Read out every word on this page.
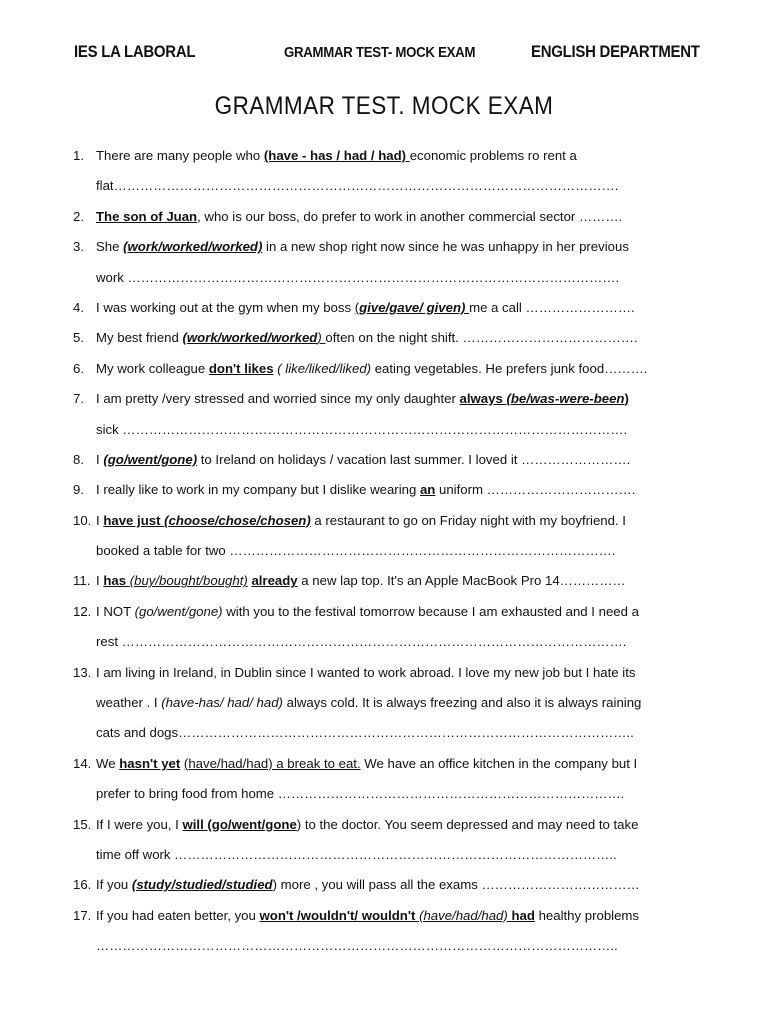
IES LA LABORAL	GRAMMAR TEST- MOCK EXAM	ENGLISH DEPARTMENT
GRAMMAR TEST. MOCK EXAM
1. There are many people who (have - has / had / had) economic problems ro rent a
flat…………………………………………………………………………………………………….
2. The son of Juan, who is our boss, do prefer to work in another commercial sector ……….
3. She (work/worked/worked) in a new shop right now since he was unhappy in her previous
work ………………………………………………………………………………………………….
4. I was working out at the gym when my boss (give/gave/ given) me a call …………………….
5. My best friend (work/worked/worked) often on the night shift. ………………………………….
6. My work colleague don't likes ( like/liked/liked) eating vegetables. He prefers junk food……….
7. I am pretty /very stressed and worried since my only daughter always (be/was-were-been)
sick …………………………………………………………………………………………………….
8. I (go/went/gone) to Ireland on holidays / vacation last summer. I loved it …………………….
9. I really like to work in my company but I dislike wearing an uniform …………………………….
10. I have just (choose/chose/chosen) a restaurant to go on Friday night with my boyfriend. I
booked a table for two …………………………………………………………………………….
11. I has (buy/bought/bought) already a new lap top. It's an Apple MacBook Pro 14……………
12. I NOT (go/went/gone) with you to the festival tomorrow because I am exhausted and I need a
rest …………………………………………………………………………………………………….
13. I am living in Ireland, in Dublin since I wanted to work abroad. I love my new job but I hate its
weather . I (have-has/ had/ had) always cold. It is always freezing and also it is always raining
cats and dogs…………………………………………………………………………………………..
14. We hasn't yet (have/had/had) a break to eat. We have an office kitchen in the company but I
prefer to bring food from home …………………………………………………………………….
15. If I were you, I will (go/went/gone) to the doctor. You seem depressed and may need to take
time off work ………………………………………………………………………………………..
16. If you (study/studied/studied) more , you will pass all the exams ………………………………
17. If you had eaten better, you won't /wouldn't/ wouldn't (have/had/had) had healthy problems
………………………………………………………………………………………………………..
